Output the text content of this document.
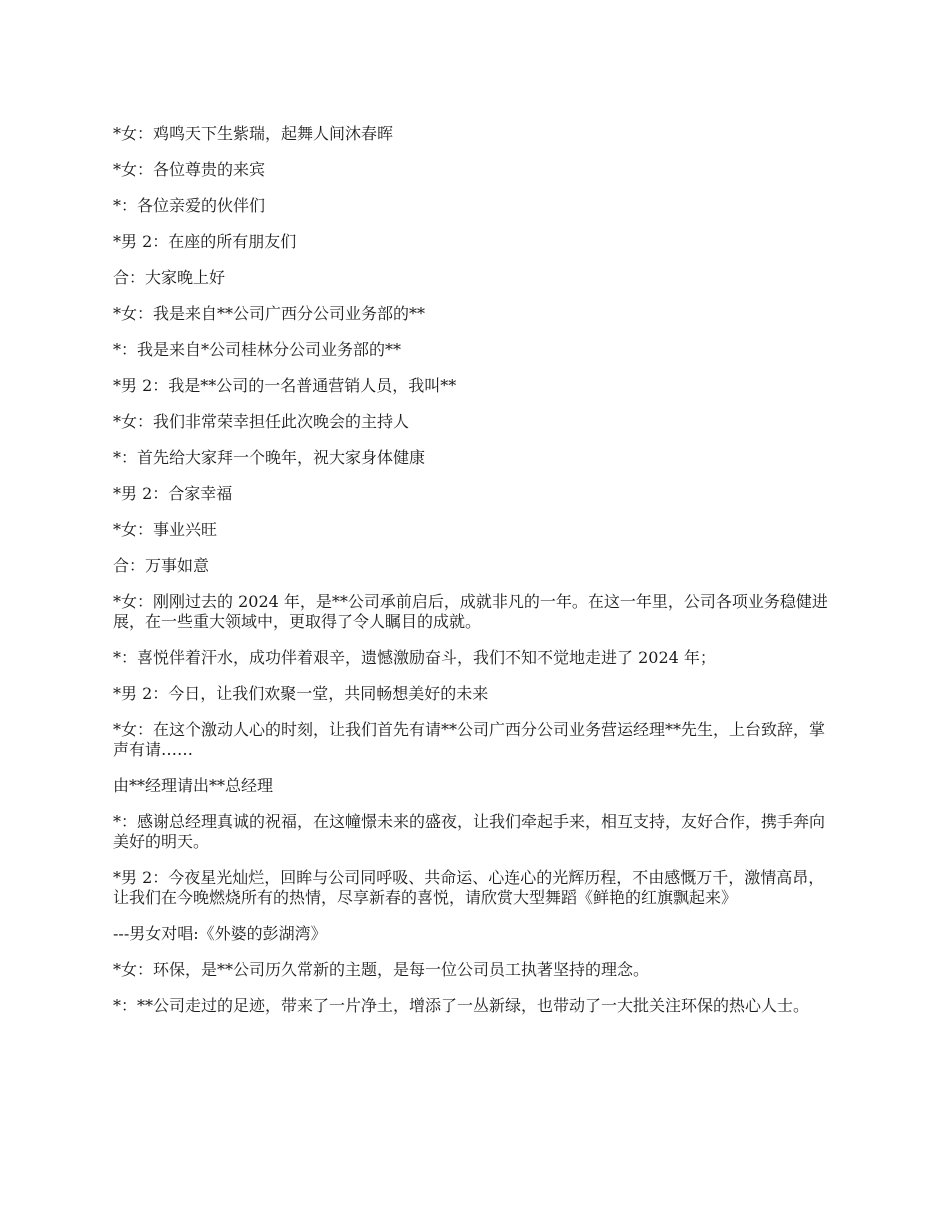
*女：鸡鸣天下生紫瑞，起舞人间沐春晖

*女：各位尊贵的来宾

*：各位亲爱的伙伴们

*男 2：在座的所有朋友们

合：大家晚上好

*女：我是来自**公司广西分公司业务部的**

*：我是来自*公司桂林分公司业务部的**

*男 2：我是**公司的一名普通营销人员，我叫**

*女：我们非常荣幸担任此次晚会的主持人

*：首先给大家拜一个晚年，祝大家身体健康

*男 2：合家幸福

*女：事业兴旺

合：万事如意

*女：刚刚过去的 2024 年，是**公司承前启后，成就非凡的一年。在这一年里，公司各项业务稳健进展，在一些重大领域中，更取得了令人瞩目的成就。

*：喜悦伴着汗水，成功伴着艰辛，遗憾激励奋斗，我们不知不觉地走进了 2024 年；

*男 2：今日，让我们欢聚一堂，共同畅想美好的未来

*女：在这个激动人心的时刻，让我们首先有请**公司广西分公司业务营运经理**先生，上台致辞，掌声有请……

由**经理请出**总经理

*：感谢总经理真诚的祝福，在这幢憬未来的盛夜，让我们牵起手来，相互支持，友好合作，携手奔向美好的明天。

*男 2：今夜星光灿烂，回眸与公司同呼吸、共命运、心连心的光辉历程，不由感慨万千，激情高昂，让我们在今晚燃烧所有的热情，尽享新春的喜悦，请欣赏大型舞蹈《鲜艳的红旗飘起来》

---男女对唱:《外婆的彭湖湾》

*女：环保，是**公司历久常新的主题，是每一位公司员工执著坚持的理念。

*：**公司走过的足迹，带来了一片净土，增添了一丛新绿，也带动了一大批关注环保的热心人士。
